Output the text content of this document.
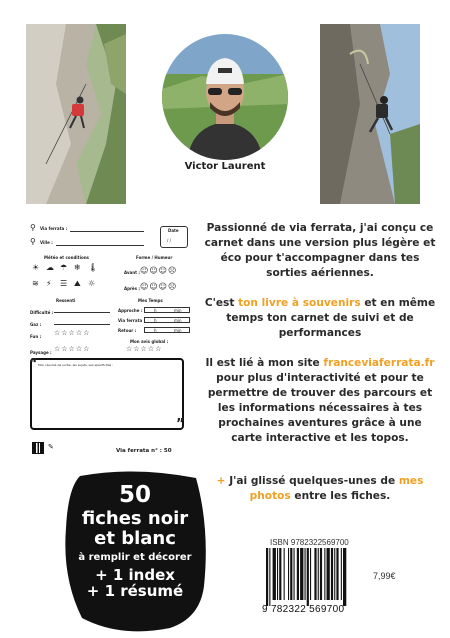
Victor Laurent
⚲ Via ferrata :
⚲ Ville :
Date
/ /
Météo et conditions	Forme / Humeur
☀ ☁ ☂ ❄ 🌡
≋ ⚡ ☰ ⛰ ☼
Avant : ☺☺☺☹
Après : ☺☺☺☹
Ressenti	Mes Temps
Difficulté :
Gaz :
Fun : ☆☆☆☆☆
Paysage : ☆☆☆☆☆
Approche :	h	min
Via ferrata : h	min
Retour :	h	min
Mon avis global :
☆☆☆☆☆
“
”
Mon résumé de sortie, les sujets, ses spécificités :
✎	Via ferrata n° : 50

Passionné de via ferrata, j'ai conçu ce carnet dans une version plus légère et éco pour t'accompagner dans tes sorties aériennes.

C'est ton livre à souvenirs et en même temps ton carnet de suivi et de performances

Il est lié à mon site franceviaferrata.fr pour plus d'interactivité et pour te permettre de trouver des parcours et les informations nécessaires à tes prochaines aventures grâce à une carte interactive et les topos.

+ J'ai glissé quelques-unes de mes photos entre les fiches.

50
fiches noir
et blanc
à remplir et décorer
+ 1 index
+ 1 résumé
ISBN 9782322569700
9 782322 569700
7,99€
